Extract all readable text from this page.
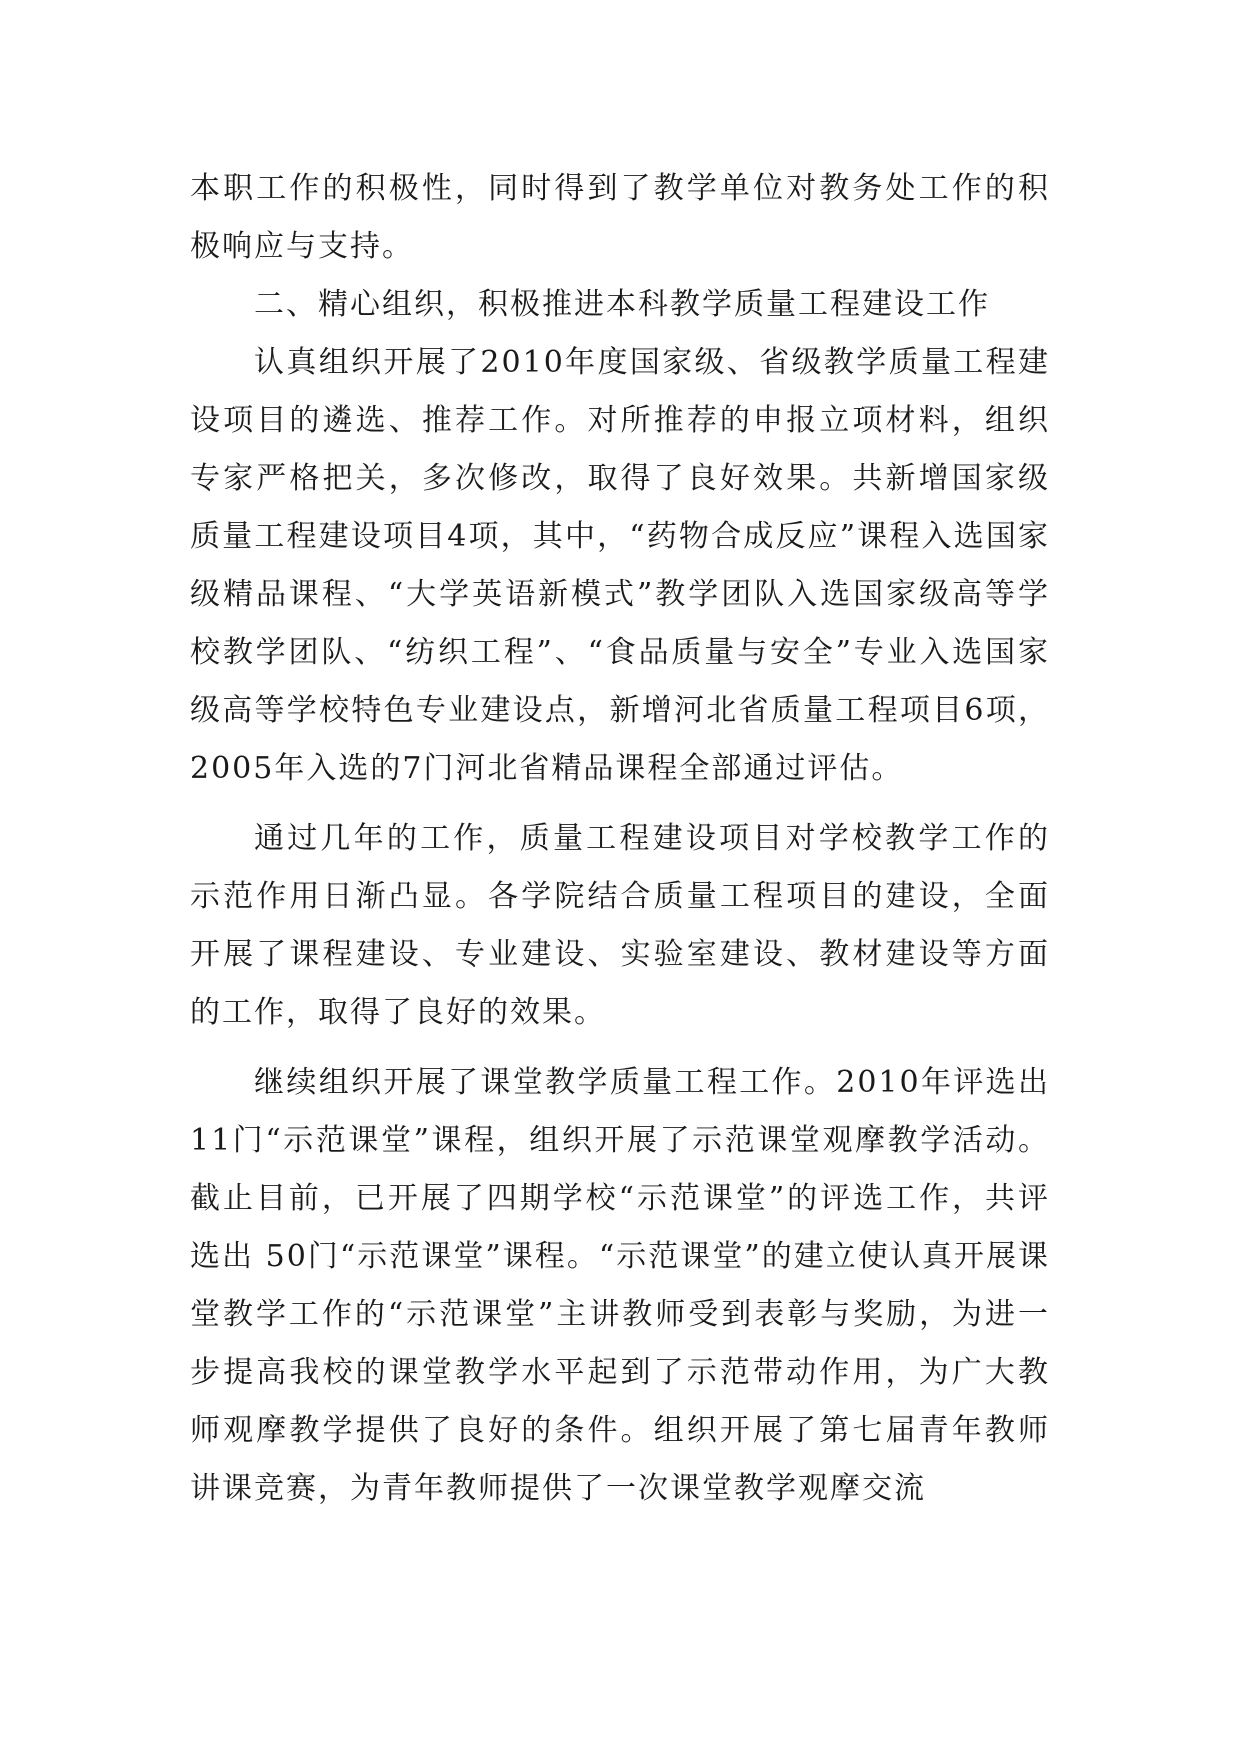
本职工作的积极性，同时得到了教学单位对教务处工作的积极响应与支持。

二、精心组织，积极推进本科教学质量工程建设工作

认真组织开展了2010年度国家级、省级教学质量工程建设项目的遴选、推荐工作。对所推荐的申报立项材料，组织专家严格把关，多次修改，取得了良好效果。共新增国家级质量工程建设项目4项，其中，“药物合成反应”课程入选国家级精品课程、“大学英语新模式”教学团队入选国家级高等学校教学团队、“纺织工程”、“食品质量与安全”专业入选国家级高等学校特色专业建设点，新增河北省质量工程项目6项， 2005年入选的7门河北省精品课程全部通过评估。

通过几年的工作，质量工程建设项目对学校教学工作的示范作用日渐凸显。各学院结合质量工程项目的建设，全面开展了课程建设、专业建设、实验室建设、教材建设等方面的工作，取得了良好的效果。

继续组织开展了课堂教学质量工程工作。2010年评选出11门“示范课堂”课程，组织开展了示范课堂观摩教学活动。截止目前，已开展了四期学校“示范课堂”的评选工作，共评选出 50门“示范课堂”课程。“示范课堂”的建立使认真开展课堂教学工作的“示范课堂”主讲教师受到表彰与奖励，为进一步提高我校的课堂教学水平起到了示范带动作用，为广大教师观摩教学提供了良好的条件。组织开展了第七届青年教师讲课竞赛，为青年教师提供了一次课堂教学观摩交流
